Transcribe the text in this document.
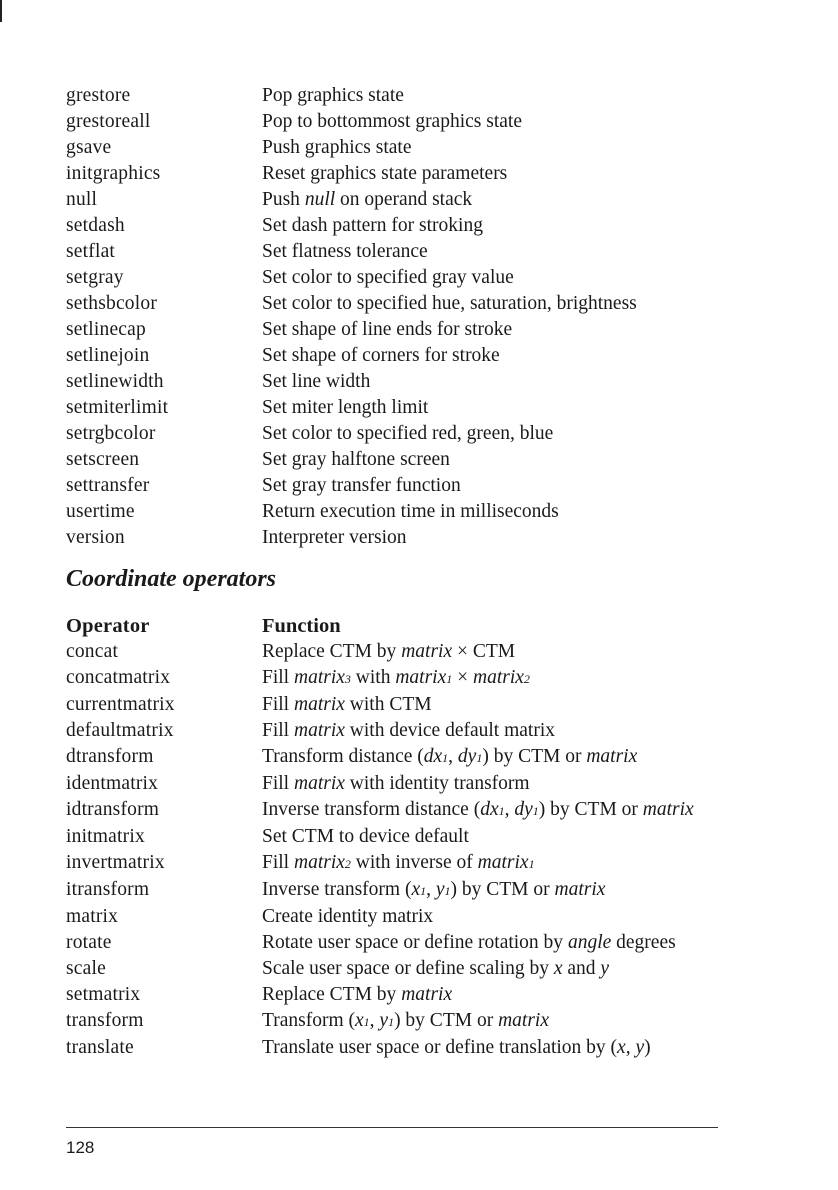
grestore	Pop graphics state
grestoreall	Pop to bottommost graphics state
gsave	Push graphics state
initgraphics	Reset graphics state parameters
null	Push null on operand stack
setdash	Set dash pattern for stroking
setflat	Set flatness tolerance
setgray	Set color to specified gray value
sethsbcolor	Set color to specified hue, saturation, brightness
setlinecap	Set shape of line ends for stroke
setlinejoin	Set shape of corners for stroke
setlinewidth	Set line width
setmiterlimit	Set miter length limit
setrgbcolor	Set color to specified red, green, blue
setscreen	Set gray halftone screen
settransfer	Set gray transfer function
usertime	Return execution time in milliseconds
version	Interpreter version
Coordinate operators
Operator	Function
concat	Replace CTM by matrix × CTM
concatmatrix	Fill matrix3 with matrix1 × matrix2
currentmatrix	Fill matrix with CTM
defaultmatrix	Fill matrix with device default matrix
dtransform	Transform distance (dx1, dy1) by CTM or matrix
identmatrix	Fill matrix with identity transform
idtransform	Inverse transform distance (dx1, dy1) by CTM or matrix
initmatrix	Set CTM to device default
invertmatrix	Fill matrix2 with inverse of matrix1
itransform	Inverse transform (x1, y1) by CTM or matrix
matrix	Create identity matrix
rotate	Rotate user space or define rotation by angle degrees
scale	Scale user space or define scaling by x and y
setmatrix	Replace CTM by matrix
transform	Transform (x1, y1) by CTM or matrix
translate	Translate user space or define translation by (x, y)
128
